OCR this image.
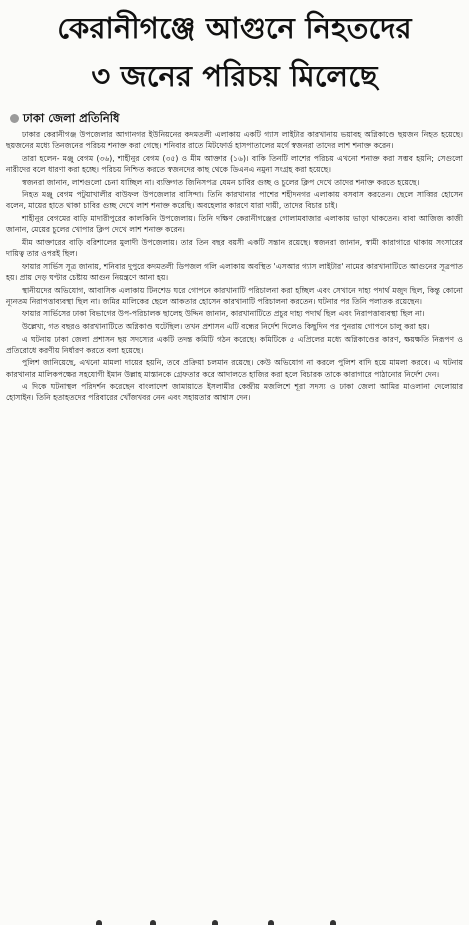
কেরানীগঞ্জে আগুনে নিহতদের
৩ জনের পরিচয় মিলেছে
ঢাকা জেলা প্রতিনিধি

ঢাকার কেরানীগঞ্জ উপজেলার আগানগর ইউনিয়নের কদমতলী এলাকায় একটি গ্যাস লাইটার কারখানায় ভয়াবহ অগ্নিকাণ্ডে ছয়জন নিহত হয়েছে। ছয়জনের মধ্যে তিনজনের পরিচয় শনাক্ত করা গেছে। শনিবার রাতে মিটফোর্ড হাসপাতালের মর্গে স্বজনরা তাদের লাশ শনাক্ত করেন।

তারা হলেন- মঞ্জু বেগম (৩৬), শাহীনুর বেগম (৩৫) ও মীম আক্তার (১৬)। বাকি তিনটি লাশের পরিচয় এখনো শনাক্ত করা সম্ভব হয়নি; সেগুলো নারীদের বলে ধারণা করা হচ্ছে। পরিচয় নিশ্চিত করতে স্বজনদের কাছ থেকে ডিএনএ নমুনা সংগ্রহ করা হয়েছে।

স্বজনরা জানান, লাশগুলো চেনা যাচ্ছিল না। ব্যক্তিগত জিনিসপত্র যেমন চাবির গুচ্ছ ও চুলের ক্লিপ দেখে তাদের শনাক্ত করতে হয়েছে।

নিহত মঞ্জু বেগম পটুয়াখালীর বাউফল উপজেলার বাসিন্দা। তিনি কারখানার পাশের শহীদনগর এলাকায় বসবাস করতেন। ছেলে সাব্বির হোসেন বলেন, মায়ের হাতে থাকা চাবির গুচ্ছ দেখে লাশ শনাক্ত করেছি। অবহেলার কারণে যারা দায়ী, তাদের বিচার চাই।

শাহীনুর বেগমের বাড়ি মাদারীপুরের কালকিনি উপজেলায়। তিনি দক্ষিণ কেরানীগঞ্জের গোলামবাজার এলাকায় ভাড়া থাকতেন। বাবা আজিজ কাজী জানান, মেয়ের চুলের খোপার ক্লিপ দেখে লাশ শনাক্ত করেন।

মীম আক্তারের বাড়ি বরিশালের মুলাদী উপজেলায়। তার তিন বছর বয়সী একটি সন্তান রয়েছে। স্বজনরা জানান, স্বামী কারাগারে থাকায় সংসারের দায়িত্ব তার ওপরই ছিল।

ফায়ার সার্ভিস সূত্র জানায়, শনিবার দুপুরে কদমতলী ডিপজল গলি এলাকায় অবস্থিত 'এসআর গ্যাস লাইটার' নামের কারখানাটিতে আগুনের সূত্রপাত হয়। প্রায় দেড় ঘণ্টার চেষ্টায় আগুন নিয়ন্ত্রণে আনা হয়।

স্থানীয়দের অভিযোগ, আবাসিক এলাকায় টিনশেড ঘরে গোপনে কারখানাটি পরিচালনা করা হচ্ছিল এবং সেখানে দাহ্য পদার্থ মজুদ ছিল, কিন্তু কোনো ন্যূনতম নিরাপত্তাব্যবস্থা ছিল না। জমির মালিকের ছেলে আকতার হোসেন কারখানাটি পরিচালনা করতেন। ঘটনার পর তিনি পলাতক রয়েছেন।

ফায়ার সার্ভিসের ঢাকা বিভাগের উপ-পরিচালক ছালেহ উদ্দিন জানান, কারখানাটিতে প্রচুর দাহ্য পদার্থ ছিল এবং নিরাপত্তাব্যবস্থা ছিল না।

উল্লেখ্য, গত বছরও কারখানাটিতে অগ্নিকাণ্ড ঘটেছিল। তখন প্রশাসন এটি বন্ধের নির্দেশ দিলেও কিছুদিন পর পুনরায় গোপনে চালু করা হয়।

এ ঘটনায় ঢাকা জেলা প্রশাসন ছয় সদস্যের একটি তদন্ত কমিটি গঠন করেছে। কমিটিকে ৫ এপ্রিলের মধ্যে অগ্নিকাণ্ডের কারণ, ক্ষয়ক্ষতি নিরূপণ ও প্রতিরোধে করণীয় নির্ধারণ করতে বলা হয়েছে।

পুলিশ জানিয়েছে, এখনো মামলা দায়ের হয়নি, তবে প্রক্রিয়া চলমান রয়েছে। কেউ অভিযোগ না করলে পুলিশ বাদি হয়ে মামলা করবে। এ ঘটনায় কারখানার মালিকপক্ষের সহযোগী ইমান উল্লাহ মাস্তানকে গ্রেফতার করে আদালতে হাজির করা হলে বিচারক তাকে কারাগারে পাঠানোর নির্দেশ দেন।

এ দিকে ঘটনাস্থল পরিদর্শন করেছেন বাংলাদেশ জামায়াতে ইসলামীর কেন্দ্রীয় মজলিশে শূরা সদস্য ও ঢাকা জেলা আমির মাওলানা দেলোয়ার হোসাইন। তিনি হতাহতদের পরিবারের খোঁজখবর নেন এবং সহায়তার আশ্বাস দেন।
